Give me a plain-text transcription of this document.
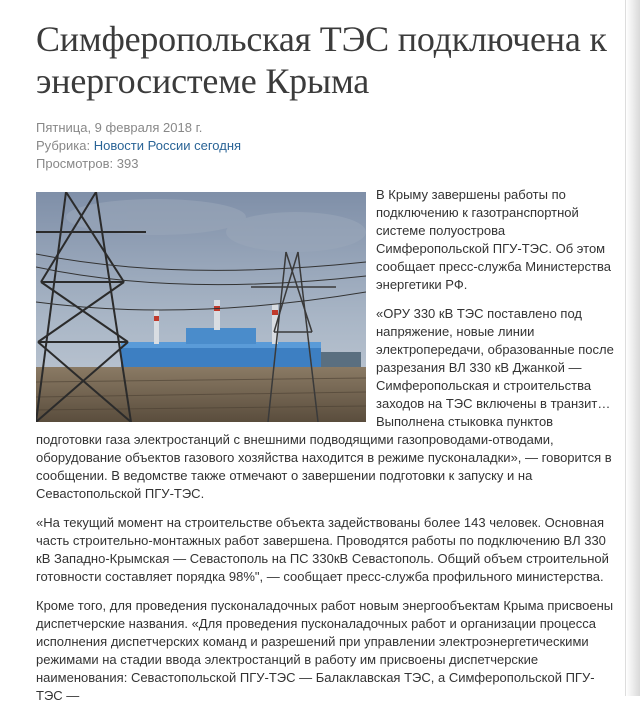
Симферопольская ТЭС подключена к энергосистеме Крыма
Пятница, 9 февраля 2018 г.
Рубрика: Новости России сегодня
Просмотров: 393

В Крыму завершены работы по подключению к газотранспортной системе полуострова Симферопольской ПГУ-ТЭС. Об этом сообщает пресс-служба Министерства энергетики РФ.

«ОРУ 330 кВ ТЭС поставлено под напряжение, новые линии электропередачи, образованные после разрезания ВЛ 330 кВ Джанкой — Симферопольская и строительства заходов на ТЭС включены в транзит… Выполнена стыковка пунктов подготовки газа электростанций с внешними подводящими газопроводами-отводами, оборудование объектов газового хозяйства находится в режиме пусконаладки», — говорится в сообщении. В ведомстве также отмечают о завершении подготовки к запуску и на Севастопольской ПГУ-ТЭС.

«На текущий момент на строительстве объекта задействованы более 143 человек. Основная часть строительно-монтажных работ завершена. Проводятся работы по подключению ВЛ 330 кВ Западно-Крымская — Севастополь на ПС 330кВ Севастополь. Общий объем строительной готовности составляет порядка 98%", — сообщает пресс-служба профильного министерства.

Кроме того, для проведения пусконаладочных работ новым энергообъектам Крыма присвоены диспетчерские названия. «Для проведения пусконаладочных работ и организации процесса исполнения диспетчерских команд и разрешений при управлении электроэнергетическими режимами на стадии ввода электростанций в работу им присвоены диспетчерские наименования: Севастопольской ПГУ-ТЭС — Балаклавская ТЭС, а Симферопольской ПГУ-ТЭС —
